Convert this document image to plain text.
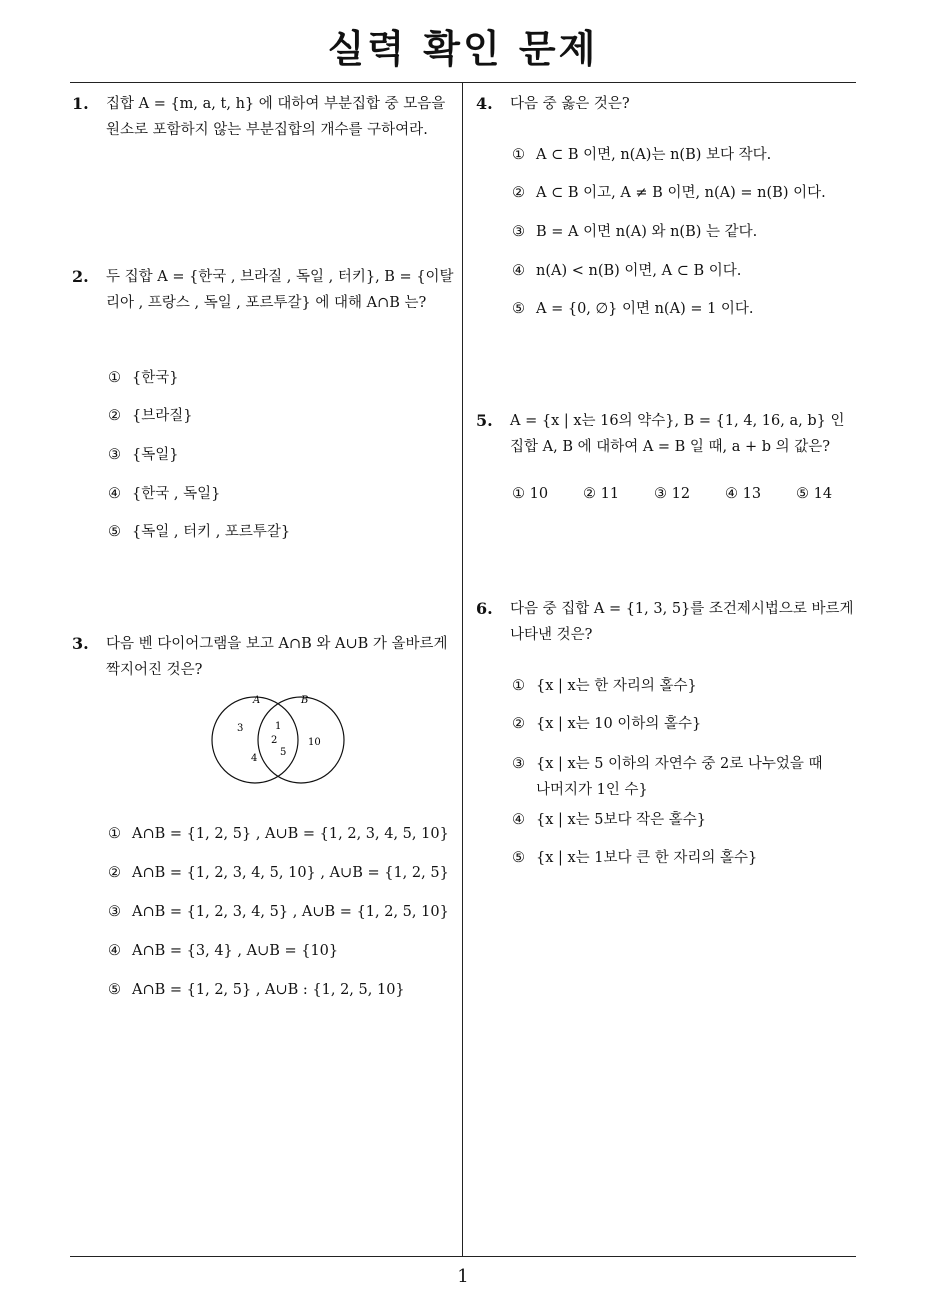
실력 확인 문제
1
1. 집합 A = {m, a, t, h} 에 대하여 부분집합 중 모음을 원소로 포함하지 않는 부분집합의 개수를 구하여라.
2. 두 집합 A = {한국 , 브라질 , 독일 , 터키}, B = {이탈리아 , 프랑스 , 독일 , 포르투갈} 에 대해 A∩B 는?
① {한국}
② {브라질}
③ {독일}
④ {한국 , 독일}
⑤ {독일 , 터키 , 포르투갈}
3. 다음 벤 다이어그램을 보고 A∩B 와 A∪B 가 올바르게 짝지어진 것은?
A	B
3
4
1
2
5
10
① A∩B = {1, 2, 5} , A∪B = {1, 2, 3, 4, 5, 10}
② A∩B = {1, 2, 3, 4, 5, 10} , A∪B = {1, 2, 5}
③ A∩B = {1, 2, 3, 4, 5} , A∪B = {1, 2, 5, 10}
④ A∩B = {3, 4} , A∪B = {10}
⑤ A∩B = {1, 2, 5} , A∪B : {1, 2, 5, 10}
4. 다음 중 옳은 것은?
① A ⊂ B 이면, n(A)는 n(B) 보다 작다.
② A ⊂ B 이고, A ≠ B 이면, n(A) = n(B) 이다.
③ B = A 이면 n(A) 와 n(B) 는 같다.
④ n(A) < n(B) 이면, A ⊂ B 이다.
⑤ A = {0, ∅} 이면 n(A) = 1 이다.
5. A = {x | x는 16의 약수}, B = {1, 4, 16, a, b} 인 집합 A, B 에 대하여 A = B 일 때, a + b 의 값은?
① 10 ② 11 ③ 12 ④ 13 ⑤ 14
6. 다음 중 집합 A = {1, 3, 5}를 조건제시법으로 바르게 나타낸 것은?
① {x | x는 한 자리의 홀수}
② {x | x는 10 이하의 홀수}
③ {x | x는 5 이하의 자연수 중 2로 나누었을 때
나머지가 1인 수}
④ {x | x는 5보다 작은 홀수}
⑤ {x | x는 1보다 큰 한 자리의 홀수}
